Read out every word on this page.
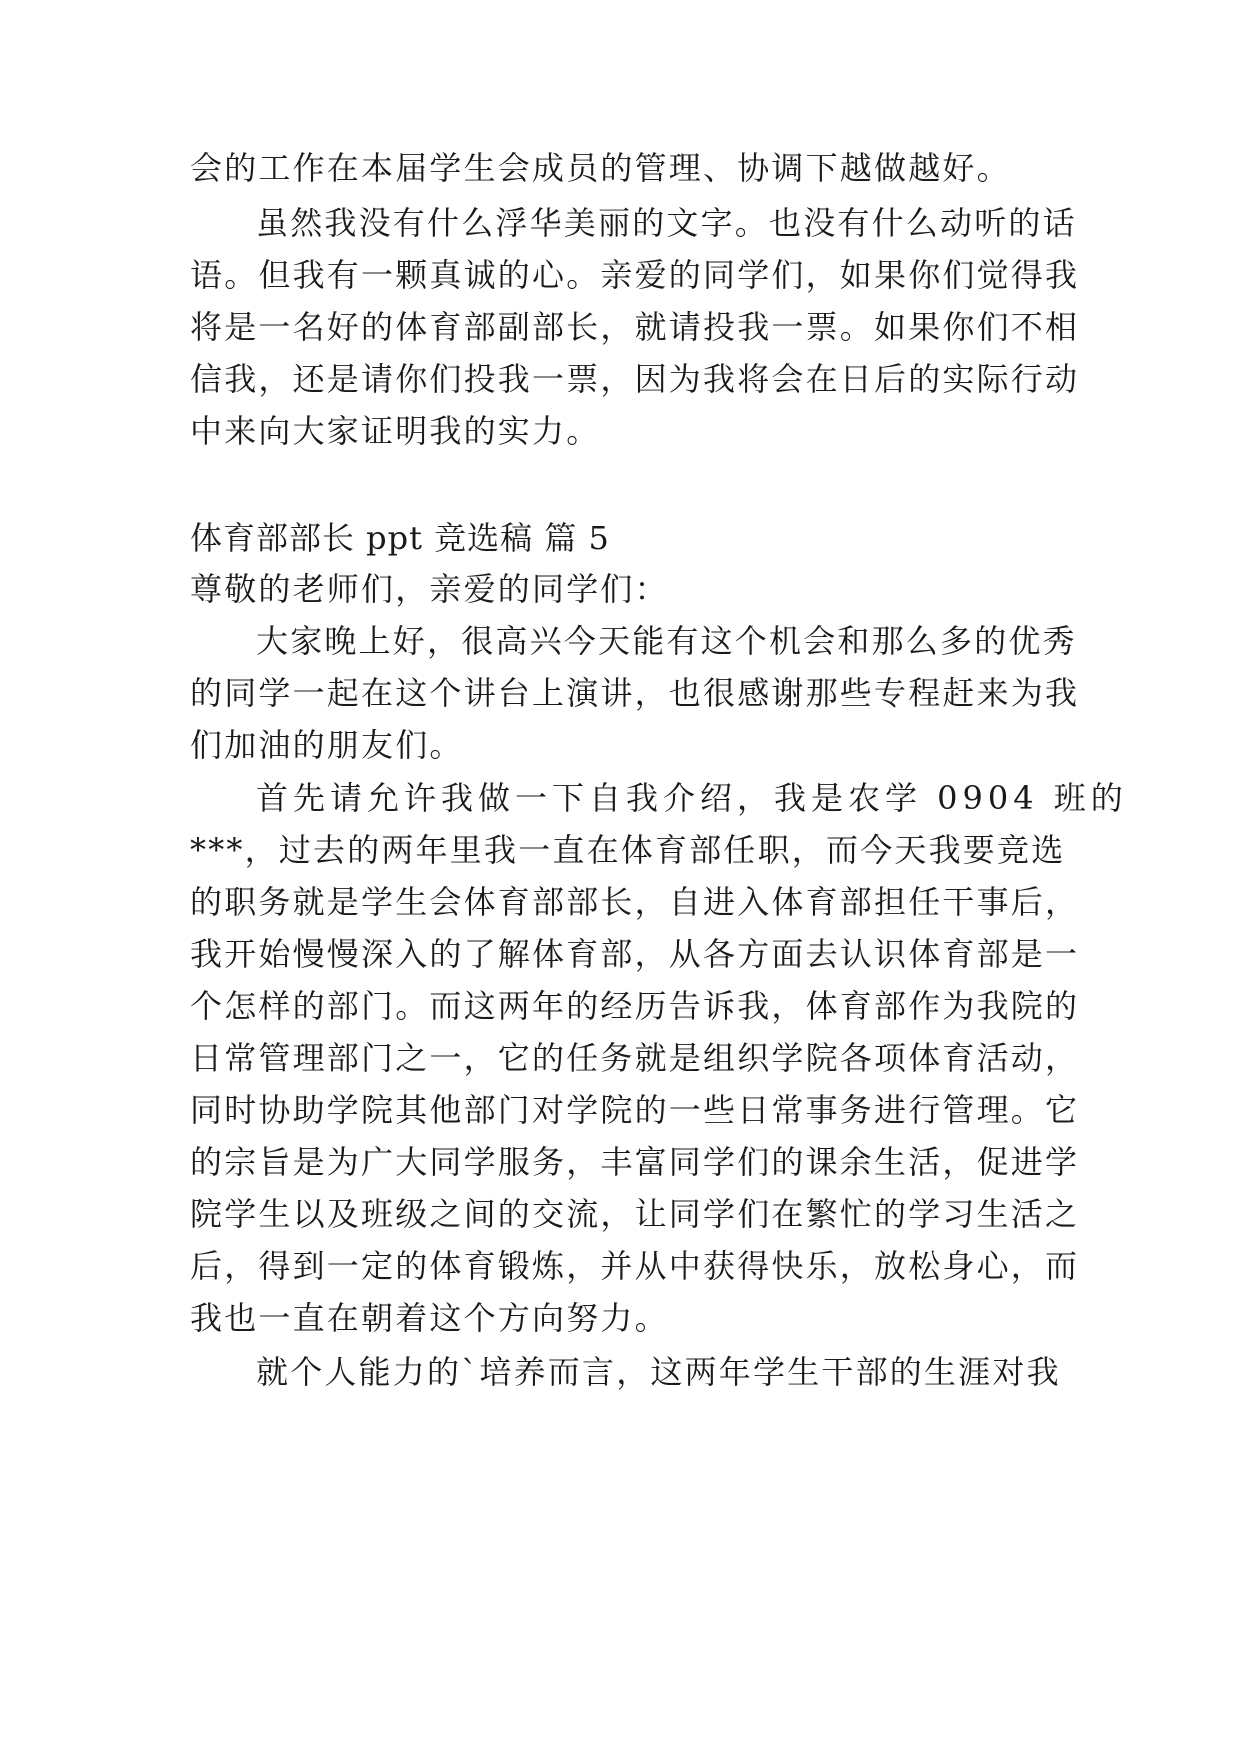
会的工作在本届学生会成员的管理、协调下越做越好。
虽然我没有什么浮华美丽的文字。也没有什么动听的话
语。但我有一颗真诚的心。亲爱的同学们，如果你们觉得我
将是一名好的体育部副部长，就请投我一票。如果你们不相
信我，还是请你们投我一票，因为我将会在日后的实际行动
中来向大家证明我的实力。
体育部部长 ppt 竞选稿 篇 5
尊敬的老师们，亲爱的同学们：
大家晚上好，很高兴今天能有这个机会和那么多的优秀
的同学一起在这个讲台上演讲，也很感谢那些专程赶来为我
们加油的朋友们。
首先请允许我做一下自我介绍，我是农学 0904 班的
***，过去的两年里我一直在体育部任职，而今天我要竞选
的职务就是学生会体育部部长，自进入体育部担任干事后，
我开始慢慢深入的了解体育部，从各方面去认识体育部是一
个怎样的部门。而这两年的经历告诉我，体育部作为我院的
日常管理部门之一，它的任务就是组织学院各项体育活动，
同时协助学院其他部门对学院的一些日常事务进行管理。它
的宗旨是为广大同学服务，丰富同学们的课余生活，促进学
院学生以及班级之间的交流，让同学们在繁忙的学习生活之
后，得到一定的体育锻炼，并从中获得快乐，放松身心，而
我也一直在朝着这个方向努力。
就个人能力的`培养而言，这两年学生干部的生涯对我
